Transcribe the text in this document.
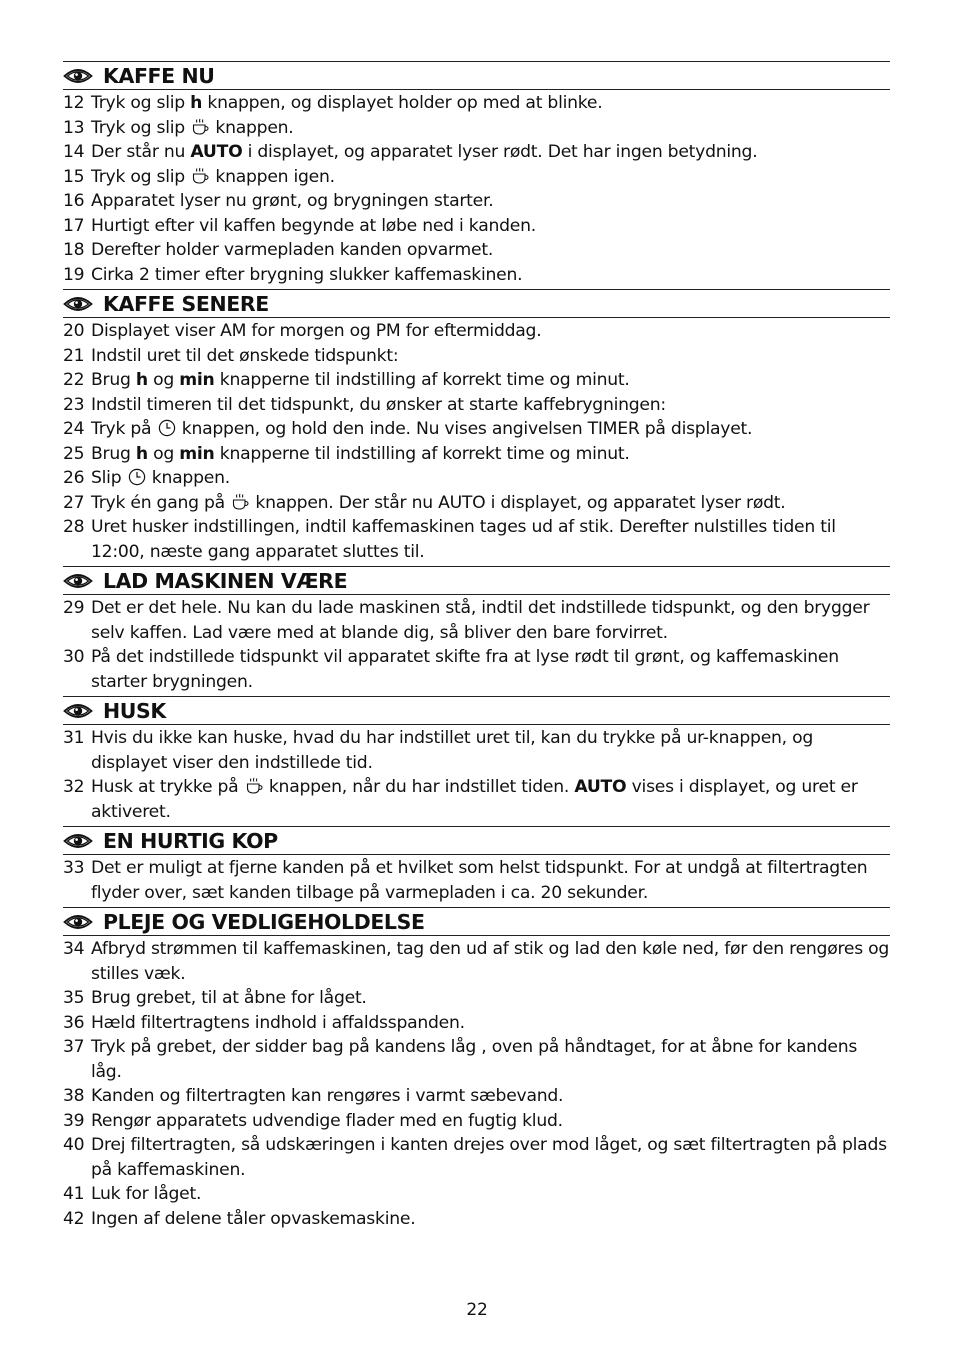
KAFFE NU
12 Tryk og slip h knappen, og displayet holder op med at blinke.
13 Tryk og slip  knappen.
14 Der står nu AUTO i displayet, og apparatet lyser rødt. Det har ingen betydning.
15 Tryk og slip  knappen igen.
16 Apparatet lyser nu grønt, og brygningen starter.
17 Hurtigt efter vil kaffen begynde at løbe ned i kanden.
18 Derefter holder varmepladen kanden opvarmet.
19 Cirka 2 timer efter brygning slukker kaffemaskinen.
KAFFE SENERE
20 Displayet viser AM for morgen og PM for eftermiddag.
21 Indstil uret til det ønskede tidspunkt:
22 Brug h og min knapperne til indstilling af korrekt time og minut.
23 Indstil timeren til det tidspunkt, du ønsker at starte kaffebrygningen:
24 Tryk på  knappen, og hold den inde. Nu vises angivelsen TIMER på displayet.
25 Brug h og min knapperne til indstilling af korrekt time og minut.
26 Slip  knappen.
27 Tryk én gang på  knappen. Der står nu AUTO i displayet, og apparatet lyser rødt.
28 Uret husker indstillingen, indtil kaffemaskinen tages ud af stik. Derefter nulstilles tiden til 12:00, næste gang apparatet sluttes til.
LAD MASKINEN VÆRE
29 Det er det hele. Nu kan du lade maskinen stå, indtil det indstillede tidspunkt, og den brygger selv kaffen. Lad være med at blande dig, så bliver den bare forvirret.
30 På det indstillede tidspunkt vil apparatet skifte fra at lyse rødt til grønt, og kaffemaskinen starter brygningen.
HUSK
31 Hvis du ikke kan huske, hvad du har indstillet uret til, kan du trykke på ur-knappen, og displayet viser den indstillede tid.
32 Husk at trykke på  knappen, når du har indstillet tiden. AUTO vises i displayet, og uret er aktiveret.
EN HURTIG KOP
33 Det er muligt at fjerne kanden på et hvilket som helst tidspunkt. For at undgå at filtertragten flyder over, sæt kanden tilbage på varmepladen i ca. 20 sekunder.
PLEJE OG VEDLIGEHOLDELSE
34 Afbryd strømmen til kaffemaskinen, tag den ud af stik og lad den køle ned, før den rengøres og stilles væk.
35 Brug grebet, til at åbne for låget.
36 Hæld filtertragtens indhold i affaldsspanden.
37 Tryk på grebet, der sidder bag på kandens låg , oven på håndtaget, for at åbne for kandens låg.
38 Kanden og filtertragten kan rengøres i varmt sæbevand.
39 Rengør apparatets udvendige flader med en fugtig klud.
40 Drej filtertragten, så udskæringen i kanten drejes over mod låget, og sæt filtertragten på plads på kaffemaskinen.
41 Luk for låget.
42 Ingen af delene tåler opvaskemaskine.
22
